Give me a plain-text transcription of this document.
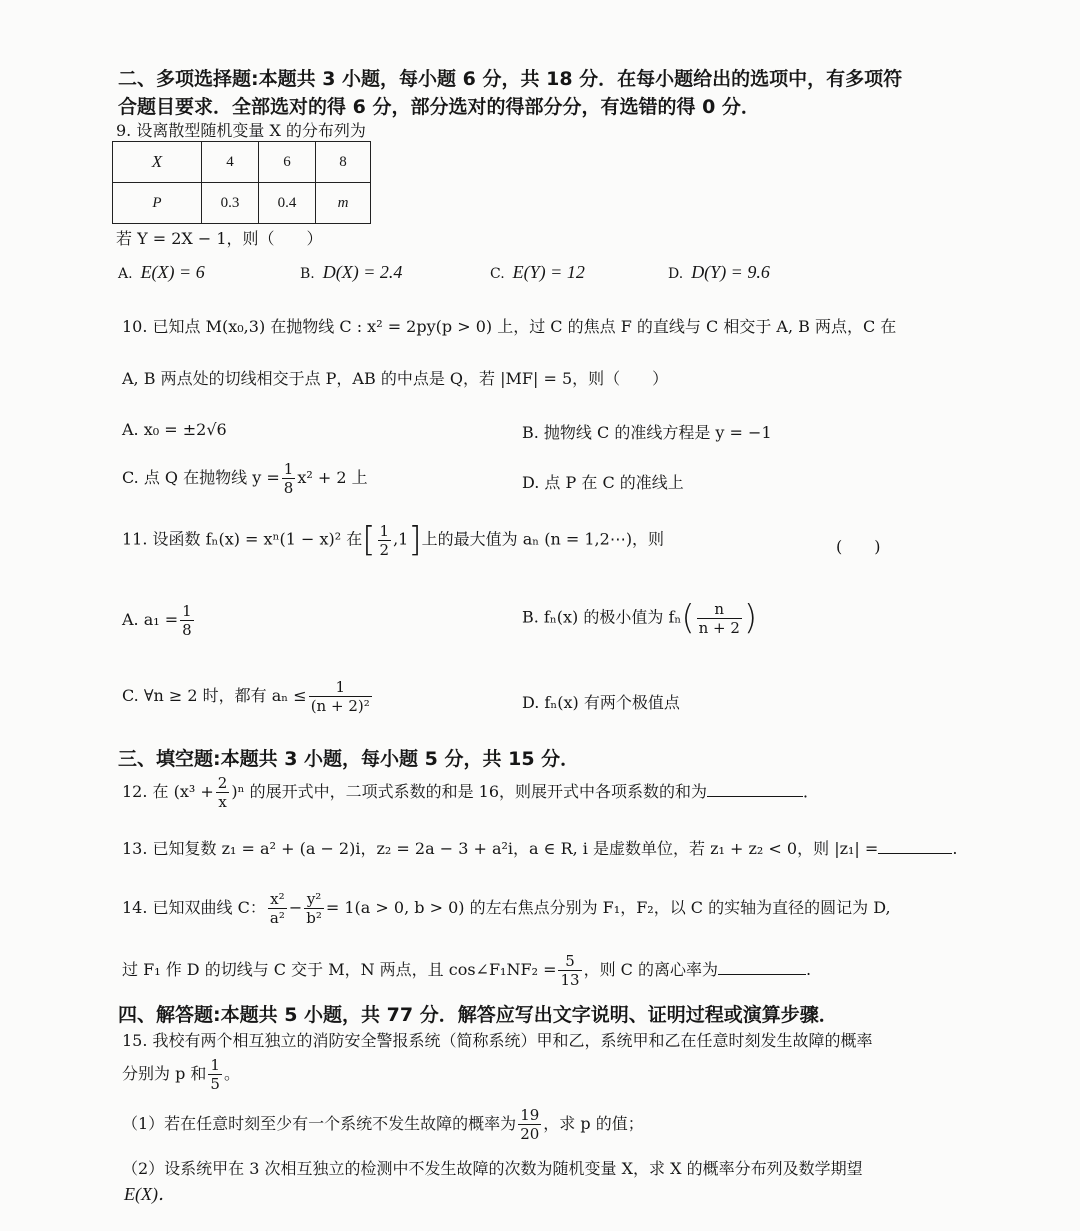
二、多项选择题:本题共 3 小题，每小题 6 分，共 18 分．在每小题给出的选项中，有多项符
合题目要求．全部选对的得 6 分，部分选对的得部分分，有选错的得 0 分．
9. 设离散型随机变量 X 的分布列为
X	4	6	8
P	0.3	0.4	m
若 Y = 2X − 1，则（　　）
A. E(X) = 6	B. D(X) = 2.4	C. E(Y) = 12	D. D(Y) = 9.6
10. 已知点 M(x₀,3) 在抛物线 C : x² = 2py(p > 0) 上，过 C 的焦点 F 的直线与 C 相交于 A, B 两点，C 在
A, B 两点处的切线相交于点 P，AB 的中点是 Q，若 |MF| = 5，则（　　）
A. x₀ = ±2√6	B. 抛物线 C 的准线方程是 y = −1
C. 点 Q 在抛物线 $y = \frac{1}{8} x^2 + 2$ 上	D. 点 P 在 C 的准线上
11. 设函数 fₙ(x) = xⁿ(1 − x)² 在[ $\frac{1}{2} ,1$]上的最大值为 aₙ (n = 1,2⋯)，则	(　　)
A. $a_1 = \frac{1}{8}$	B. fₙ(x) 的极小值为 $f_n( \frac{n}{n + 2}$ )
C. ∀n ≥ 2 时，都有 $a_n \le \frac{1}{\text{(n + 2)²}}$	D. fₙ(x) 有两个极值点
三、填空题:本题共 3 小题，每小题 5 分，共 15 分．
12. 在 $(x^3 + \frac{2}{x} )^n$ 的展开式中，二项式系数的和是 16，则展开式中各项系数的和为	．
13. 已知复数 z₁ = a² + (a − 2)i，z₂ = 2a − 3 + a²i，a ∈ R, i 是虚数单位，若 z₁ + z₂ < 0，则 |z₁| =	.
14. 已知双曲线 C： $\frac{\text{x²}}{\text{a²}} - \frac{\text{y²}}{\text{b²}} = 1(a > 0$, b > 0) 的左右焦点分别为 F₁，F₂，以 C 的实轴为直径的圆记为 D,
过 F₁ 作 D 的切线与 C 交于 M，N 两点，且 cos∠F₁NF₂ = $\frac{5}{13}$ ，则 C 的离心率为	.
四、解答题:本题共 5 小题，共 77 分．解答应写出文字说明、证明过程或演算步骤．
15. 我校有两个相互独立的消防安全警报系统（简称系统）甲和乙，系统甲和乙在任意时刻发生故障的概率
分别为 p 和 $\frac{1}{5}$ 。
（1）若在任意时刻至少有一个系统不发生故障的概率为 $\frac{19}{20}$ ，求 p 的值；
（2）设系统甲在 3 次相互独立的检测中不发生故障的次数为随机变量 X，求 X 的概率分布列及数学期望
E(X)．
